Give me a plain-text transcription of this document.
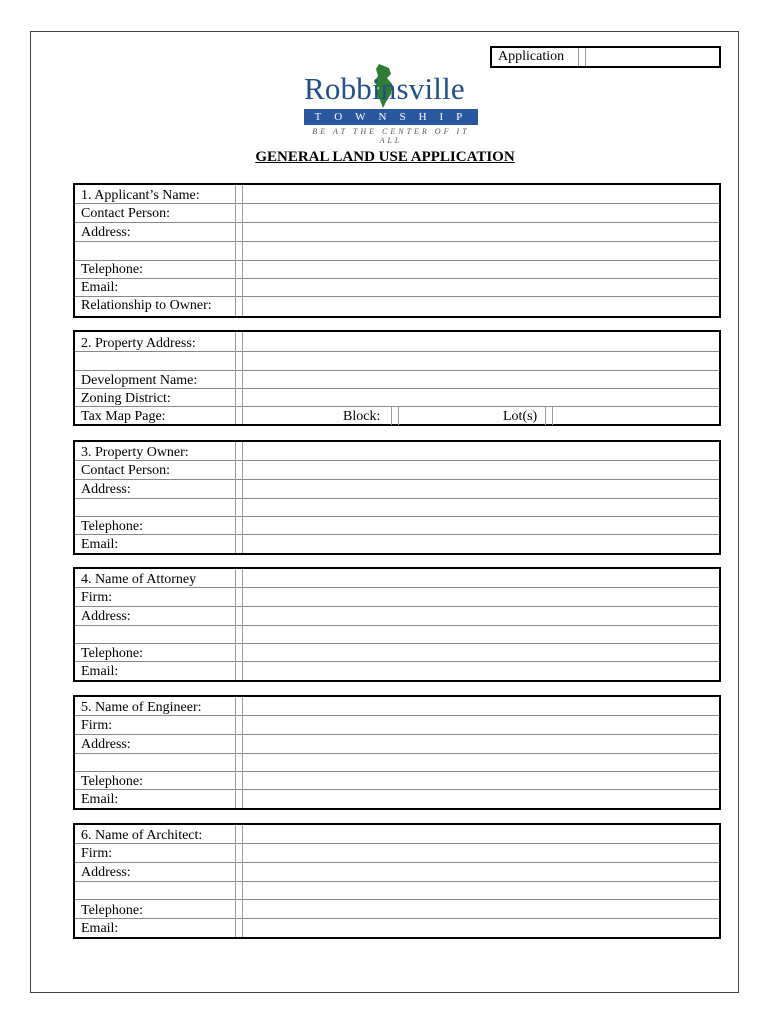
Application
Robbinsville
TOWNSHIP
BE AT THE CENTER OF IT ALL
GENERAL LAND USE APPLICATION
1. Applicant’s Name:
Contact Person:
Address:
Telephone:
Email:
Relationship to Owner:
2. Property Address:
Development Name:
Zoning District:
Tax Map Page:	Block:	Lot(s)
3. Property Owner:
Contact Person:
Address:
Telephone:
Email:
4. Name of Attorney
Firm:
Address:
Telephone:
Email:
5. Name of Engineer:
Firm:
Address:
Telephone:
Email:
6. Name of Architect:
Firm:
Address:
Telephone:
Email:
